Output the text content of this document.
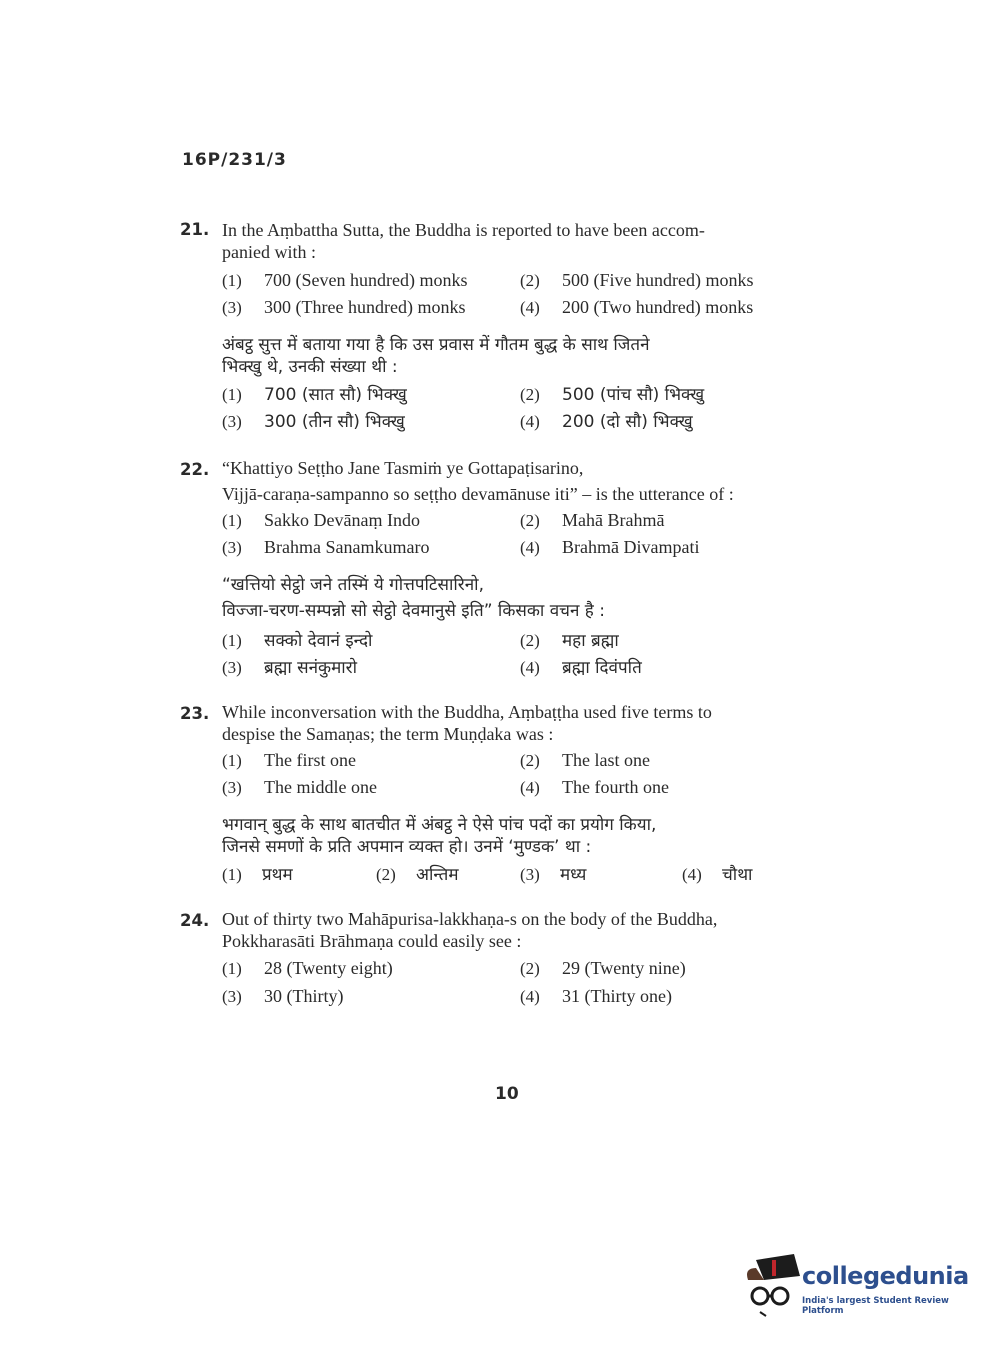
16P/231/3
21. In the Aṃbattha Sutta, the Buddha is reported to have been accom-
panied with :
(1) 700 (Seven hundred) monks	(2) 500 (Five hundred) monks
(3) 300 (Three hundred) monks	(4) 200 (Two hundred) monks
अंबट्ठ सुत्त में बताया गया है कि उस प्रवास में गौतम बुद्ध के साथ जितने
भिक्खु थे, उनकी संख्या थी :
(1) 700 (सात सौ) भिक्खु	(2) 500 (पांच सौ) भिक्खु
(3) 300 (तीन सौ) भिक्खु	(4) 200 (दो सौ) भिक्खु
22. “Khattiyo Seṭṭho Jane Tasmiṁ ye Gottapaṭisarino,
Vijjā-caraṇa-sampanno so seṭṭho devamānuse iti” – is the utterance of :
(1) Sakko Devānaṃ Indo	(2) Mahā Brahmā
(3) Brahma Sanamkumaro	(4) Brahmā Divampati
“खत्तियो सेट्ठो जने तस्मिं ये गोत्तपटिसारिनो,
विज्जा-चरण-सम्पन्नो सो सेट्ठो देवमानुसे इति” किसका वचन है :
(1) सक्को देवानं इन्दो	(2) महा ब्रह्मा
(3) ब्रह्मा सनंकुमारो	(4) ब्रह्मा दिवंपति
23. While inconversation with the Buddha, Aṃbaṭṭha used five terms to
despise the Samaṇas; the term Muṇḍaka was :
(1) The first one	(2) The last one
(3) The middle one	(4) The fourth one
भगवान् बुद्ध के साथ बातचीत में अंबट्ठ ने ऐसे पांच पदों का प्रयोग किया,
जिनसे समणों के प्रति अपमान व्यक्त हो। उनमें ‘मुण्डक’ था :
(1) प्रथम	(2) अन्तिम	(3) मध्य	(4) चौथा
24. Out of thirty two Mahāpurisa-lakkhaṇa-s on the body of the Buddha,
Pokkharasāti Brāhmaṇa could easily see :
(1) 28 (Twenty eight)	(2) 29 (Twenty nine)
(3) 30 (Thirty)	(4) 31 (Thirty one)
10
collegedunia
India's largest Student Review Platform
